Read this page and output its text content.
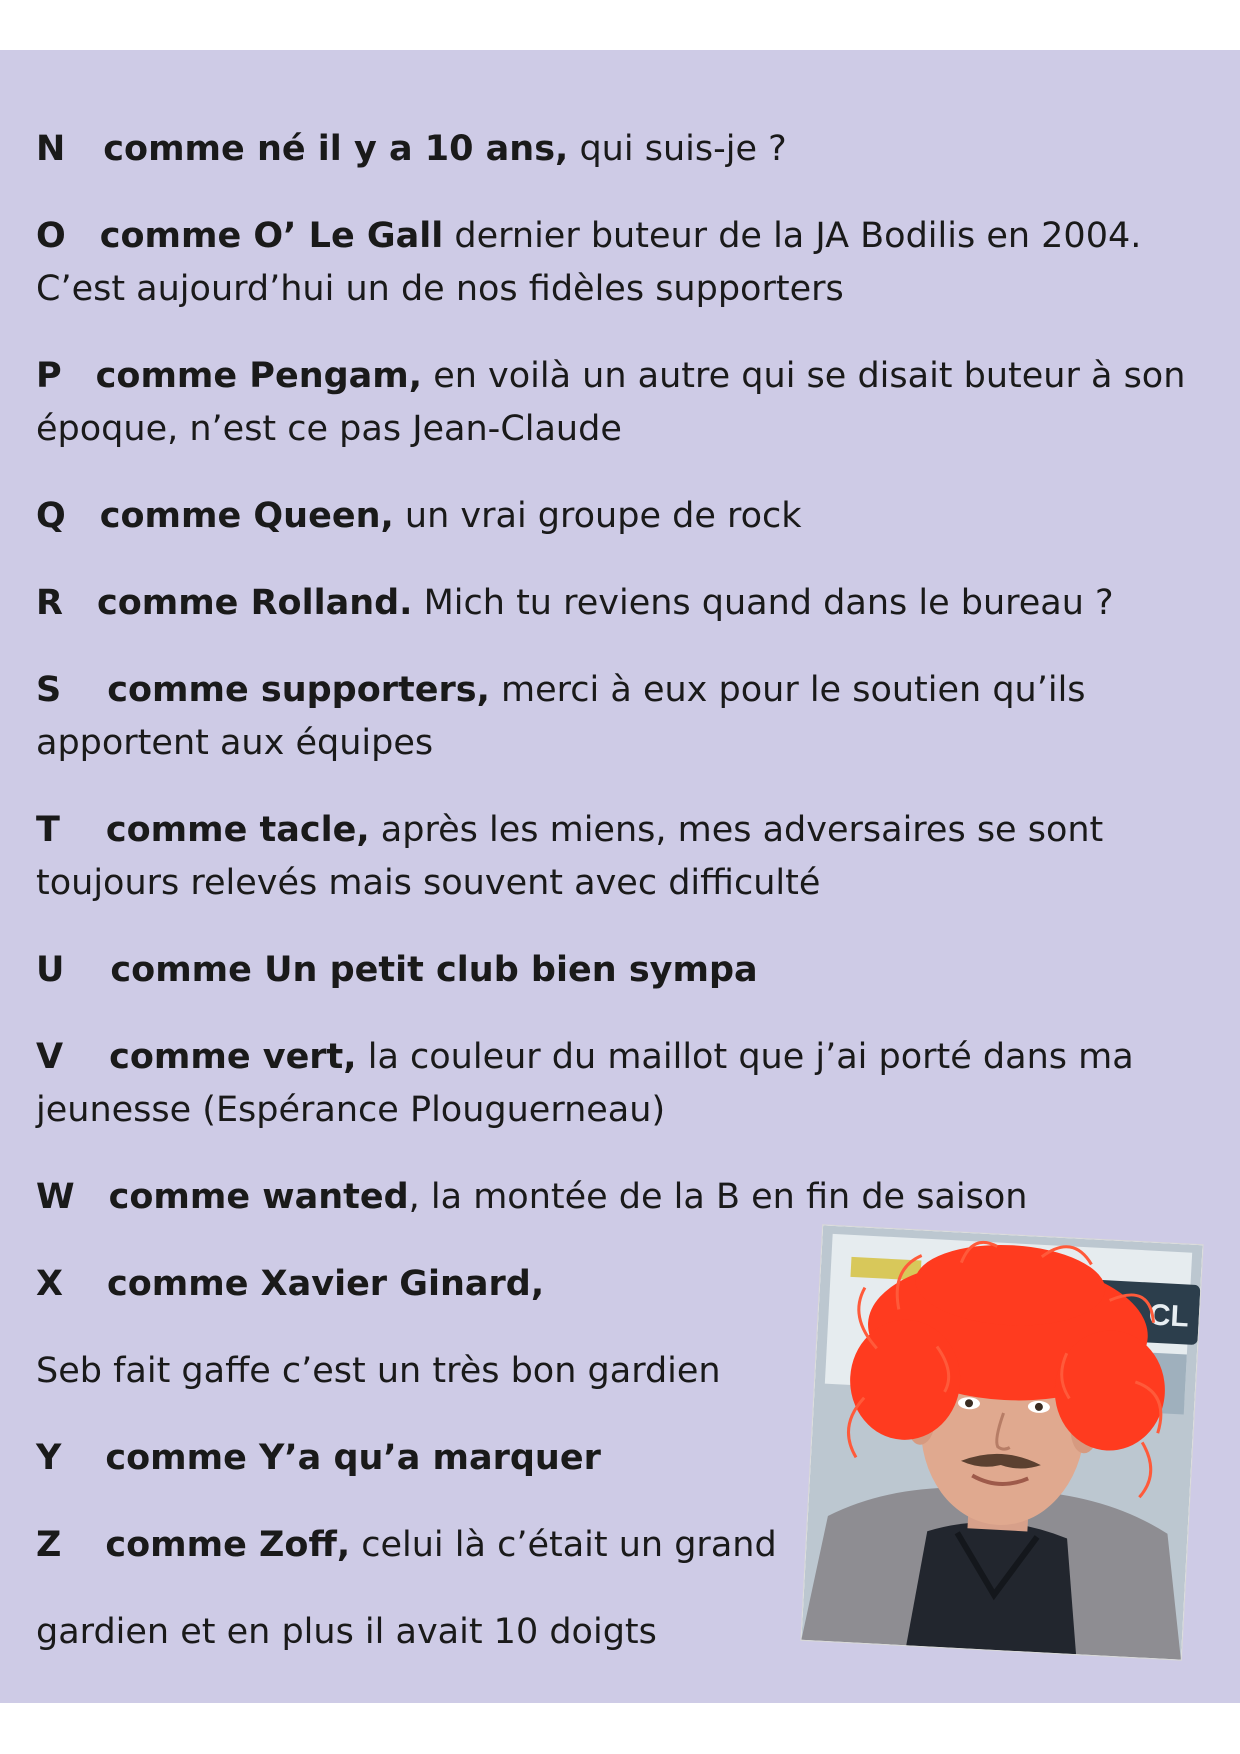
N comme né il y a 10 ans, qui suis-je ?
O comme O’ Le Gall dernier buteur de la JA Bodilis en 2004.
C’est aujourd’hui un de nos fidèles supporters
P comme Pengam, en voilà un autre qui se disait buteur à son
époque, n’est ce pas Jean-Claude
Q comme Queen, un vrai groupe de rock
R comme Rolland. Mich tu reviens quand dans le bureau ?
S comme supporters, merci à eux pour le soutien qu’ils
apportent aux équipes
T comme tacle, après les miens, mes adversaires se sont
toujours relevés mais souvent avec difficulté
U comme Un petit club bien sympa
V comme vert, la couleur du maillot que j’ai porté dans ma
jeunesse (Espérance Plouguerneau)
W comme wanted, la montée de la B en fin de saison
X comme Xavier Ginard,
Seb fait gaffe c’est un très bon gardien
Y comme Y’a qu’a marquer
Z comme Zoff, celui là c’était un grand
gardien et en plus il avait 10 doigts
CL
